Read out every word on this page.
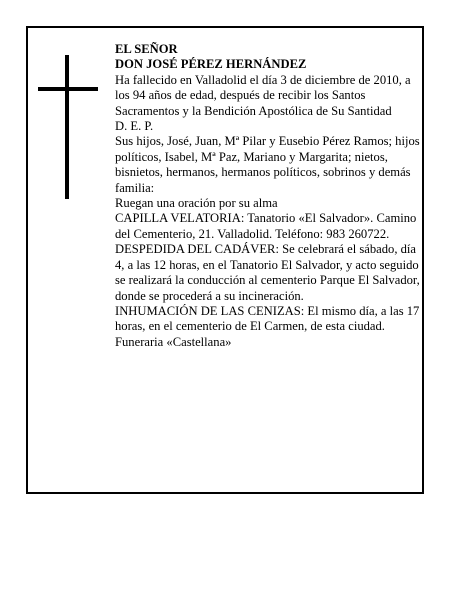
EL SEÑOR

DON JOSÉ PÉREZ HERNÁNDEZ

Ha fallecido en Valladolid el día 3 de diciembre de 2010, a los 94 años de edad, después de recibir los Santos Sacramentos y la Bendición Apostólica de Su Santidad

D. E. P.

Sus hijos, José, Juan, Mª Pilar y Eusebio Pérez Ramos; hijos políticos, Isabel, Mª Paz, Mariano y Margarita; nietos, bisnietos, hermanos, hermanos políticos, sobrinos y demás familia:

Ruegan una oración por su alma

CAPILLA VELATORIA: Tanatorio «El Salvador». Camino del Cementerio, 21. Valladolid. Teléfono: 983 260722.

DESPEDIDA DEL CADÁVER: Se celebrará el sábado, día 4, a las 12 horas, en el Tanatorio El Salvador, y acto seguido se realizará la conducción al cementerio Parque El Salvador, donde se procederá a su incineración.

INHUMACIÓN DE LAS CENIZAS: El mismo día, a las 17 horas, en el cementerio de El Carmen, de esta ciudad.

Funeraria «Castellana»
